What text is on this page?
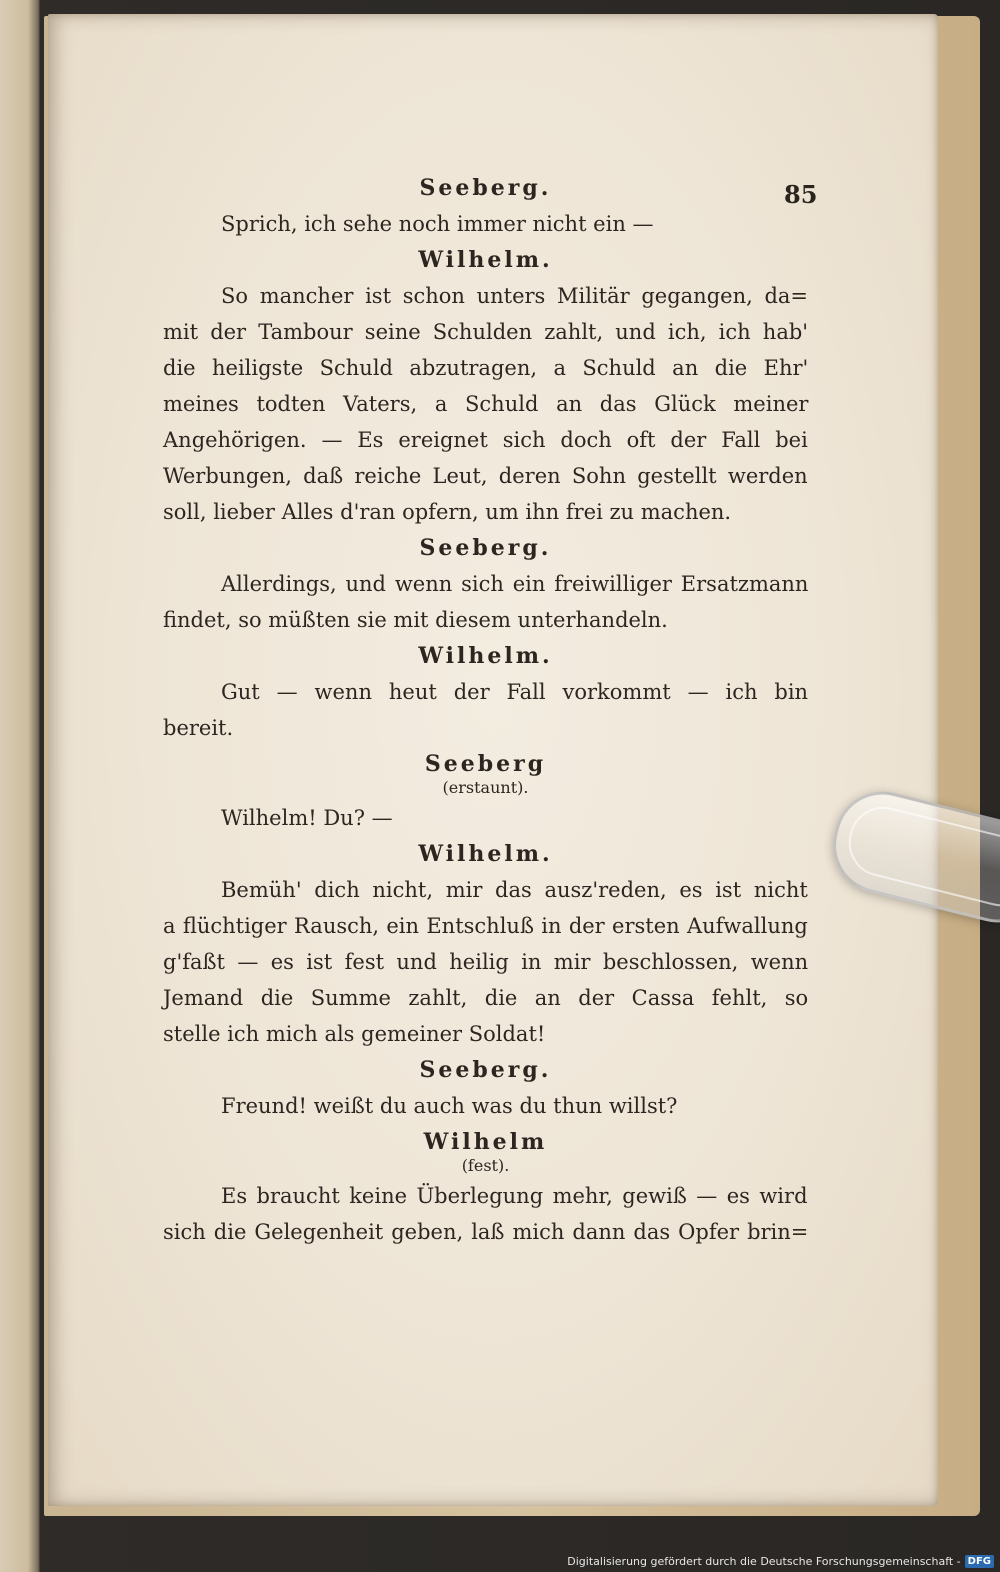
85
Seeberg.
Sprich, ich sehe noch immer nicht ein —
Wilhelm.
So mancher ist schon unters Militär gegangen, da=
mit der Tambour seine Schulden zahlt, und ich, ich hab'
die heiligste Schuld abzutragen, a Schuld an die Ehr'
meines todten Vaters, a Schuld an das Glück meiner
Angehörigen. — Es ereignet sich doch oft der Fall bei
Werbungen, daß reiche Leut, deren Sohn gestellt werden
soll, lieber Alles d'ran opfern, um ihn frei zu machen.
Seeberg.
Allerdings, und wenn sich ein freiwilliger Ersatzmann
findet, so müßten sie mit diesem unterhandeln.
Wilhelm.
Gut — wenn heut der Fall vorkommt — ich bin
bereit.
Seeberg
(erstaunt).
Wilhelm! Du? —
Wilhelm.
Bemüh' dich nicht, mir das ausz'reden, es ist nicht
a flüchtiger Rausch, ein Entschluß in der ersten Aufwallung
g'faßt — es ist fest und heilig in mir beschlossen, wenn
Jemand die Summe zahlt, die an der Cassa fehlt, so
stelle ich mich als gemeiner Soldat!
Seeberg.
Freund! weißt du auch was du thun willst?
Wilhelm
(fest).
Es braucht keine Überlegung mehr, gewiß — es wird
sich die Gelegenheit geben, laß mich dann das Opfer brin=
Digitalisierung gefördert durch die Deutsche Forschungsgemeinschaft - DFG
